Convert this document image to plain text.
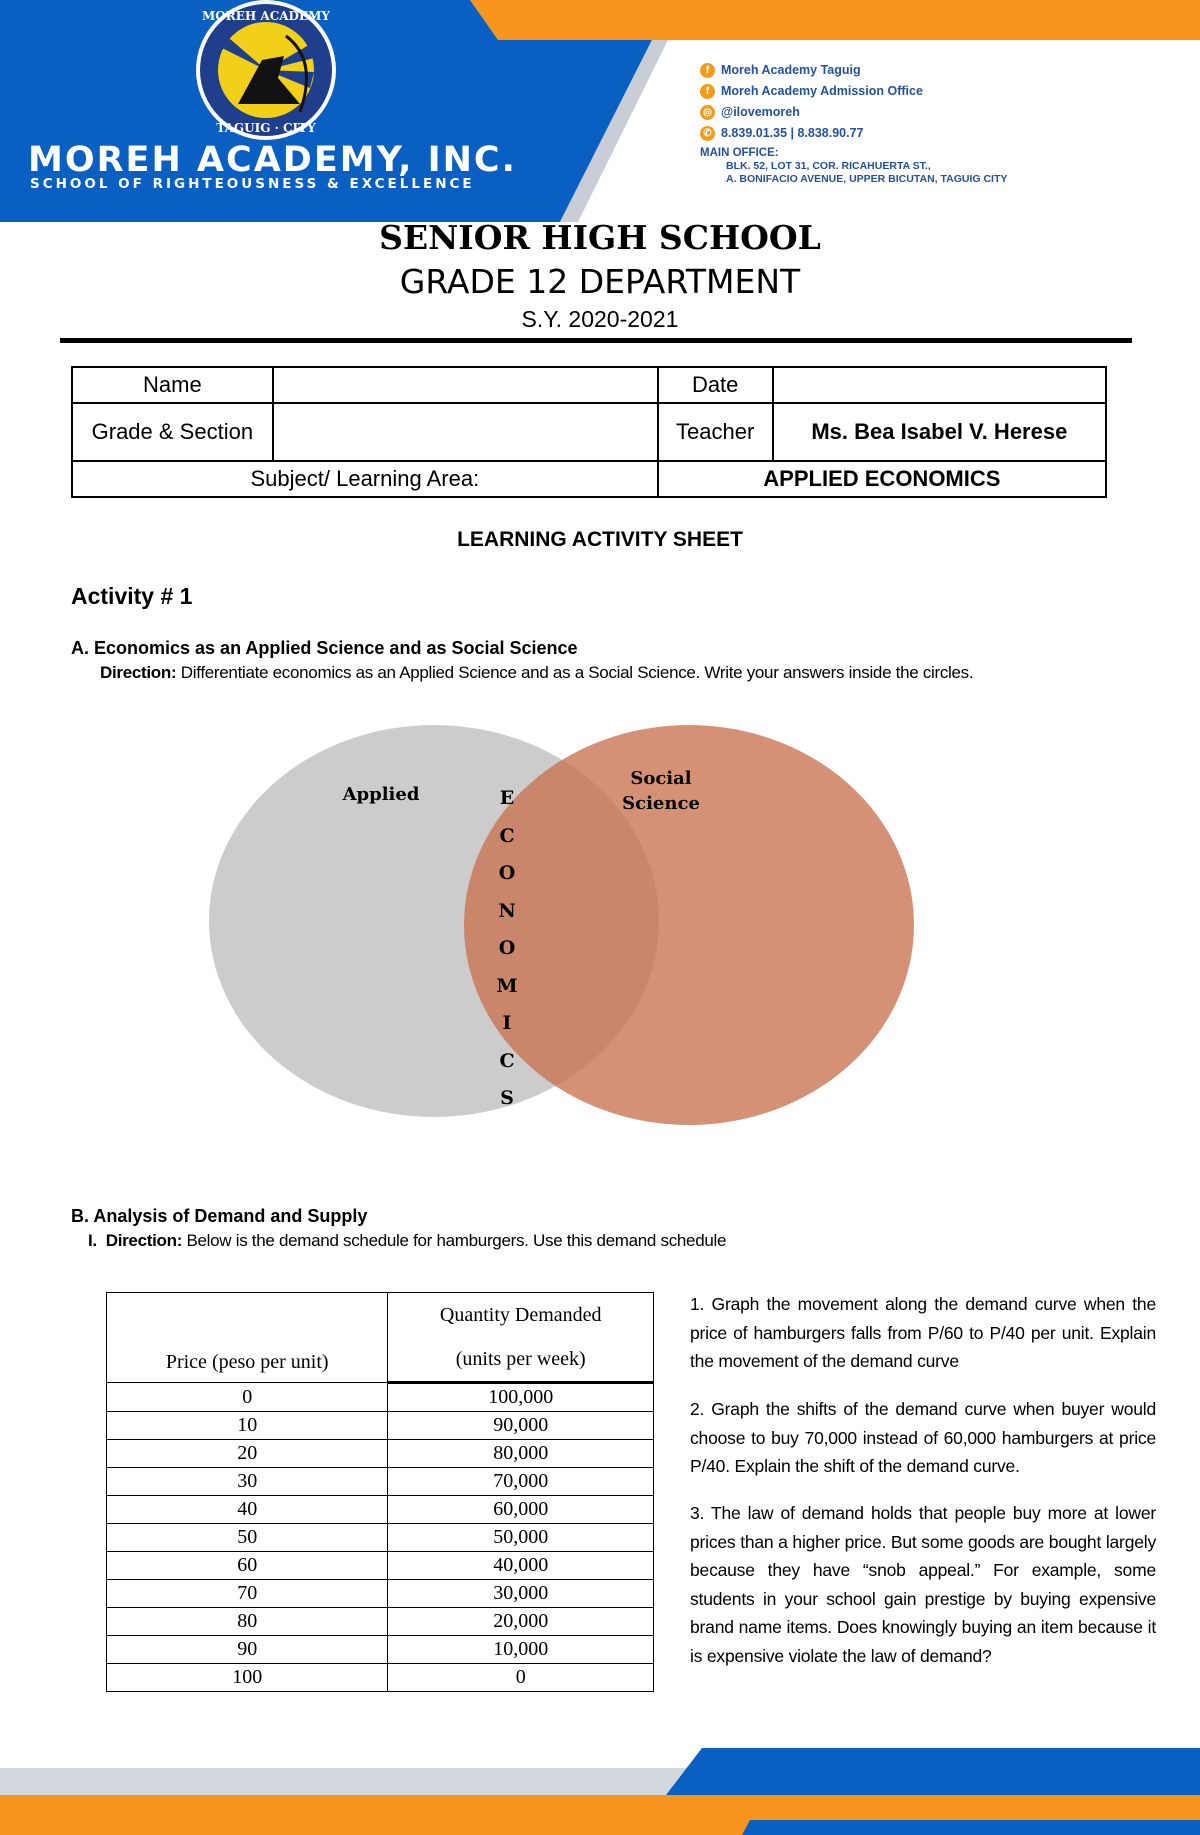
MOREH ACADEMY
TAGUIG · CITY
MOREH ACADEMY, INC.
SCHOOL OF RIGHTEOUSNESS & EXCELLENCE
f Moreh Academy Taguig
f Moreh Academy Admission Office
◎ @ilovemoreh
✆ 8.839.01.35 | 8.838.90.77
MAIN OFFICE:
BLK. 52, LOT 31, COR. RICAHUERTA ST.,
A. BONIFACIO AVENUE, UPPER BICUTAN, TAGUIG CITY
SENIOR HIGH SCHOOL
GRADE 12 DEPARTMENT
S.Y. 2020-2021
Name		Date	
Grade & Section		Teacher	Ms. Bea Isabel V. Herese
Subject/ Learning Area:		APPLIED ECONOMICS	
LEARNING ACTIVITY SHEET
Activity # 1
A. Economics as an Applied Science and as Social Science
Direction: Differentiate economics as an Applied Science and as a Social Science. Write your answers inside the circles.
Applied
Social
Science
E
C
O
N
O
M
I
C
B. Analysis of Demand and Supply
I. Direction: Below is the demand schedule for hamburgers. Use this demand schedule
Price (peso per unit)	Quantity Demanded
	(units per week)
0	100,000
10	90,000
20	80,000
30	70,000
40	60,000
50	50,000
60	40,000
70	30,000
80	20,000
90	10,000
100	0
1. Graph the movement along the demand curve when the price of hamburgers falls from P/60 to P/40 per unit. Explain the movement of the demand curve
2. Graph the shifts of the demand curve when buyer would choose to buy 70,000 instead of 60,000 hamburgers at price P/40. Explain the shift of the demand curve.
3. The law of demand holds that people buy more at lower prices than a higher price. But some goods are bought largely because they have “snob appeal.” For example, some students in your school gain prestige by buying expensive brand name items. Does knowingly buying an item because it is expensive violate the law of demand?
